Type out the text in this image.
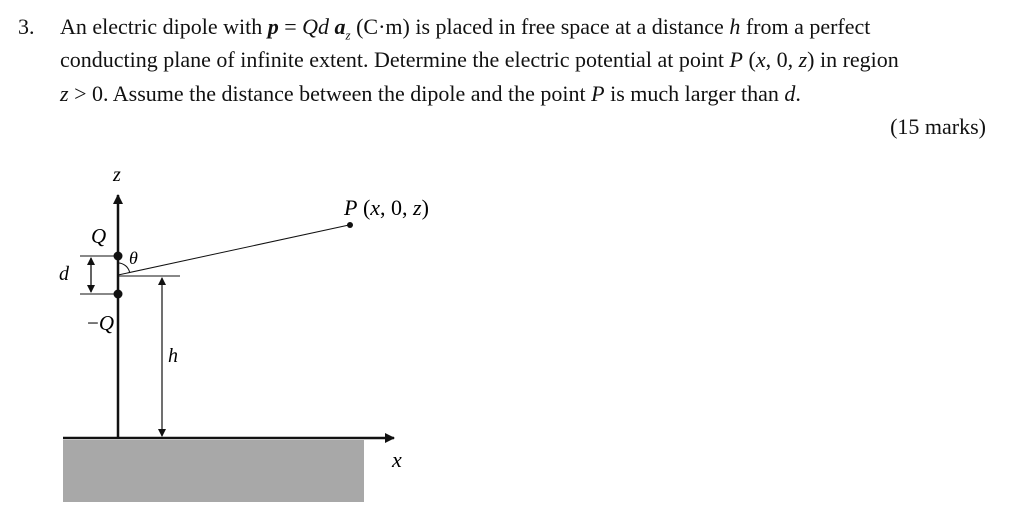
3. An electric dipole with p = Qd $a_z$ (C·m) is placed in free space at a distance h from a perfect
conducting plane of infinite extent. Determine the electric potential at point P (x, 0, z) in region
z > 0. Assume the distance between the dipole and the point P is much larger than d.
(15 marks)
x
z
Q
−Q
d
h
P (x, 0, z)
θ
